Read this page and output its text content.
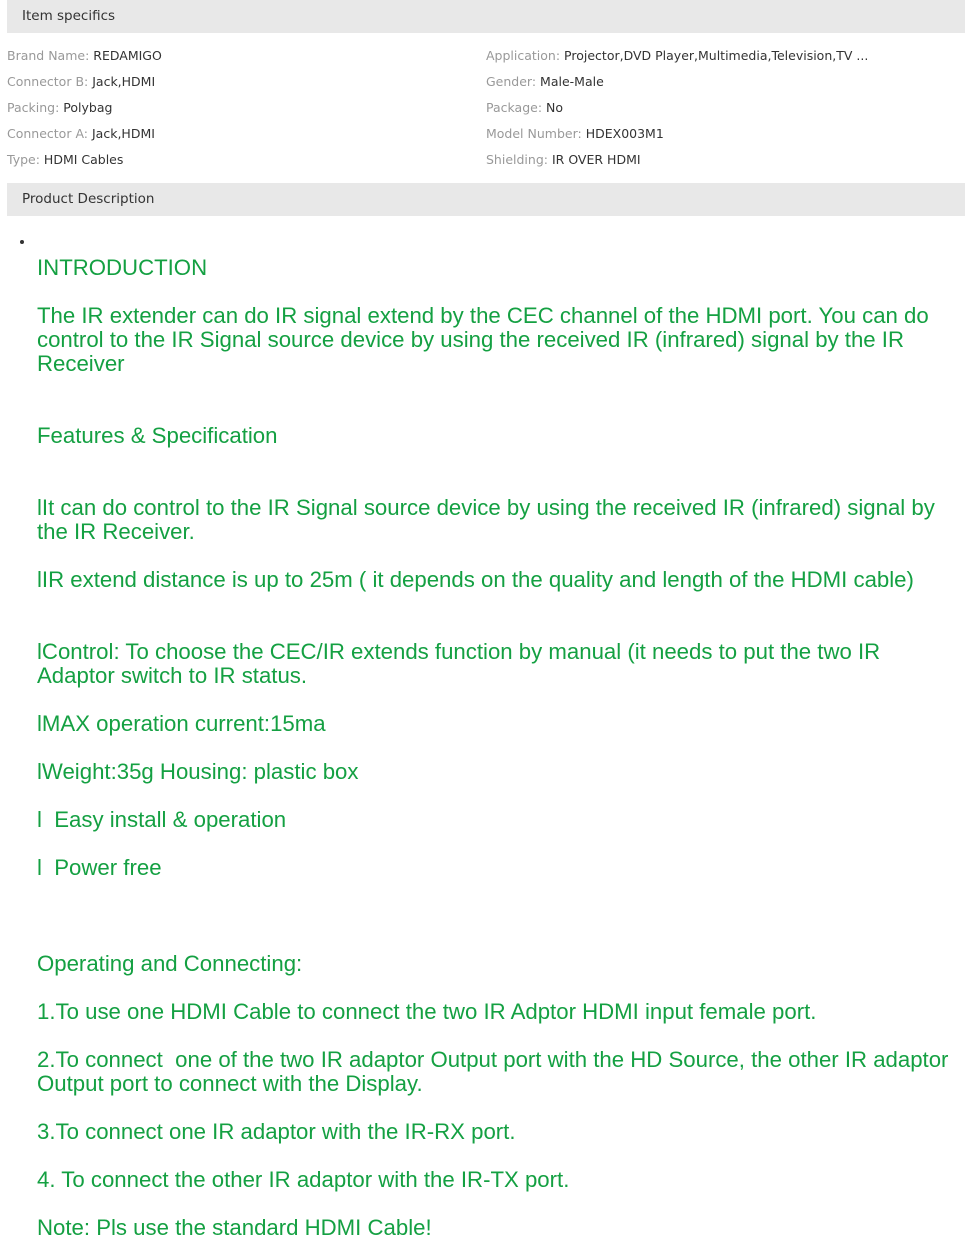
Item specifics
Brand Name: REDAMIGO	Application: Projector,DVD Player,Multimedia,Television,TV ...
Connector B: Jack,HDMI	Gender: Male-Male
Packing: Polybag	Package: No
Connector A: Jack,HDMI	Model Number: HDEX003M1
Type: HDMI Cables	Shielding: IR OVER HDMI
Product Description
INTRODUCTION
The IR extender can do IR signal extend by the CEC channel of the HDMI port. You can do control to the IR Signal source device by using the received IR (infrared) signal by the IR Receiver
Features & Specification
lIt can do control to the IR Signal source device by using the received IR (infrared) signal by the IR Receiver.
lIR extend distance is up to 25m ( it depends on the quality and length of the HDMI cable)
lControl: To choose the CEC/IR extends function by manual (it needs to put the two IR Adaptor switch to IR status.
lMAX operation current:15ma
lWeight:35g Housing: plastic box
l  Easy install & operation
l  Power free
Operating and Connecting:
1.To use one HDMI Cable to connect the two IR Adptor HDMI input female port.
2.To connect  one of the two IR adaptor Output port with the HD Source, the other IR adaptor Output port to connect with the Display.
3.To connect one IR adaptor with the IR-RX port.
4. To connect the other IR adaptor with the IR-TX port.
Note: Pls use the standard HDMI Cable!
